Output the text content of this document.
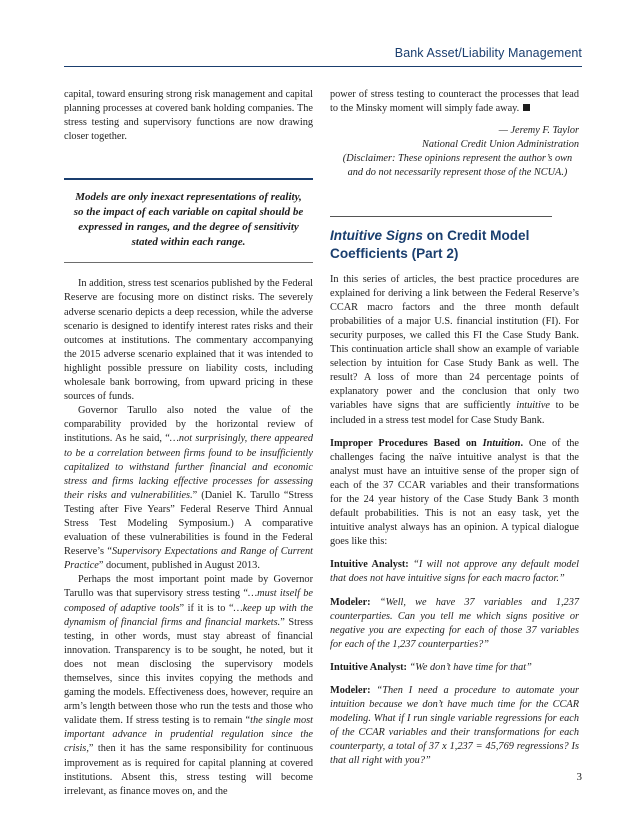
Bank Asset/Liability Management

capital, toward ensuring strong risk management and capital planning processes at covered bank holding companies. The stress testing and supervisory functions are now drawing closer together.

Models are only inexact representations of reality, so the impact of each variable on capital should be expressed in ranges, and the degree of sensitivity stated within each range.

In addition, stress test scenarios published by the Federal Reserve are focusing more on distinct risks. The severely adverse scenario depicts a deep recession, while the adverse scenario is designed to identify interest rates risks and their outcomes at institutions. The commentary accompanying the 2015 adverse scenario explained that it was intended to highlight possible pressure on liability costs, including wholesale bank borrowing, from upward pricing in these sources of funds.

Governor Tarullo also noted the value of the comparability provided by the horizontal review of institutions. As he said, “…not surprisingly, there appeared to be a correlation between firms found to be insufficiently capitalized to withstand further financial and economic stress and firms lacking effective processes for assessing their risks and vulnerabilities.” (Daniel K. Tarullo “Stress Testing after Five Years” Federal Reserve Third Annual Stress Test Modeling Symposium.) A comparative evaluation of these vulnerabilities is found in the Federal Reserve’s “Supervisory Expectations and Range of Current Practice” document, published in August 2013.

Perhaps the most important point made by Governor Tarullo was that supervisory stress testing “…must itself be composed of adaptive tools” if it is to “…keep up with the dynamism of financial firms and financial markets.” Stress testing, in other words, must stay abreast of financial innovation. Transparency is to be sought, he noted, but it does not mean disclosing the supervisory models themselves, since this invites copying the methods and gaming the models. Effectiveness does, however, require an arm’s length between those who run the tests and those who validate them. If stress testing is to remain “the single most important advance in prudential regulation since the crisis,” then it has the same responsibility for continuous improvement as is required for capital planning at covered institutions. Absent this, stress testing will become irrelevant, as finance moves on, and the

power of stress testing to counteract the processes that lead to the Minsky moment will simply fade away.

— Jeremy F. Taylor

National Credit Union Administration

(Disclaimer: These opinions represent the author’s own and do not necessarily represent those of the NCUA.)

Intuitive Signs on Credit Model Coefficients (Part 2)

In this series of articles, the best practice procedures are explained for deriving a link between the Federal Reserve’s CCAR macro factors and the three month default probabilities of a major U.S. financial institution (FI). For security purposes, we called this FI the Case Study Bank. This continuation article shall show an example of variable selection by intuition for Case Study Bank as well. The result? A loss of more than 24 percentage points of explanatory power and the conclusion that only two variables have signs that are sufficiently intuitive to be included in a stress test model for Case Study Bank.

Improper Procedures Based on Intuition. One of the challenges facing the naïve intuitive analyst is that the analyst must have an intuitive sense of the proper sign of each of the 37 CCAR variables and their transformations for the 24 year history of the Case Study Bank 3 month default probabilities. This is not an easy task, yet the intuitive analyst always has an opinion. A typical dialogue goes like this:

Intuitive Analyst: “I will not approve any default model that does not have intuitive signs for each macro factor.”

Modeler: “Well, we have 37 variables and 1,237 counterparties. Can you tell me which signs positive or negative you are expecting for each of those 37 variables for each of the 1,237 counterparties?”

Intuitive Analyst: “We don’t have time for that”

Modeler: “Then I need a procedure to automate your intuition because we don’t have much time for the CCAR modeling. What if I run single variable regressions for each of the CCAR variables and their transformations for each counterparty, a total of 37 x 1,237 = 45,769 regressions? Is that all right with you?”

3
